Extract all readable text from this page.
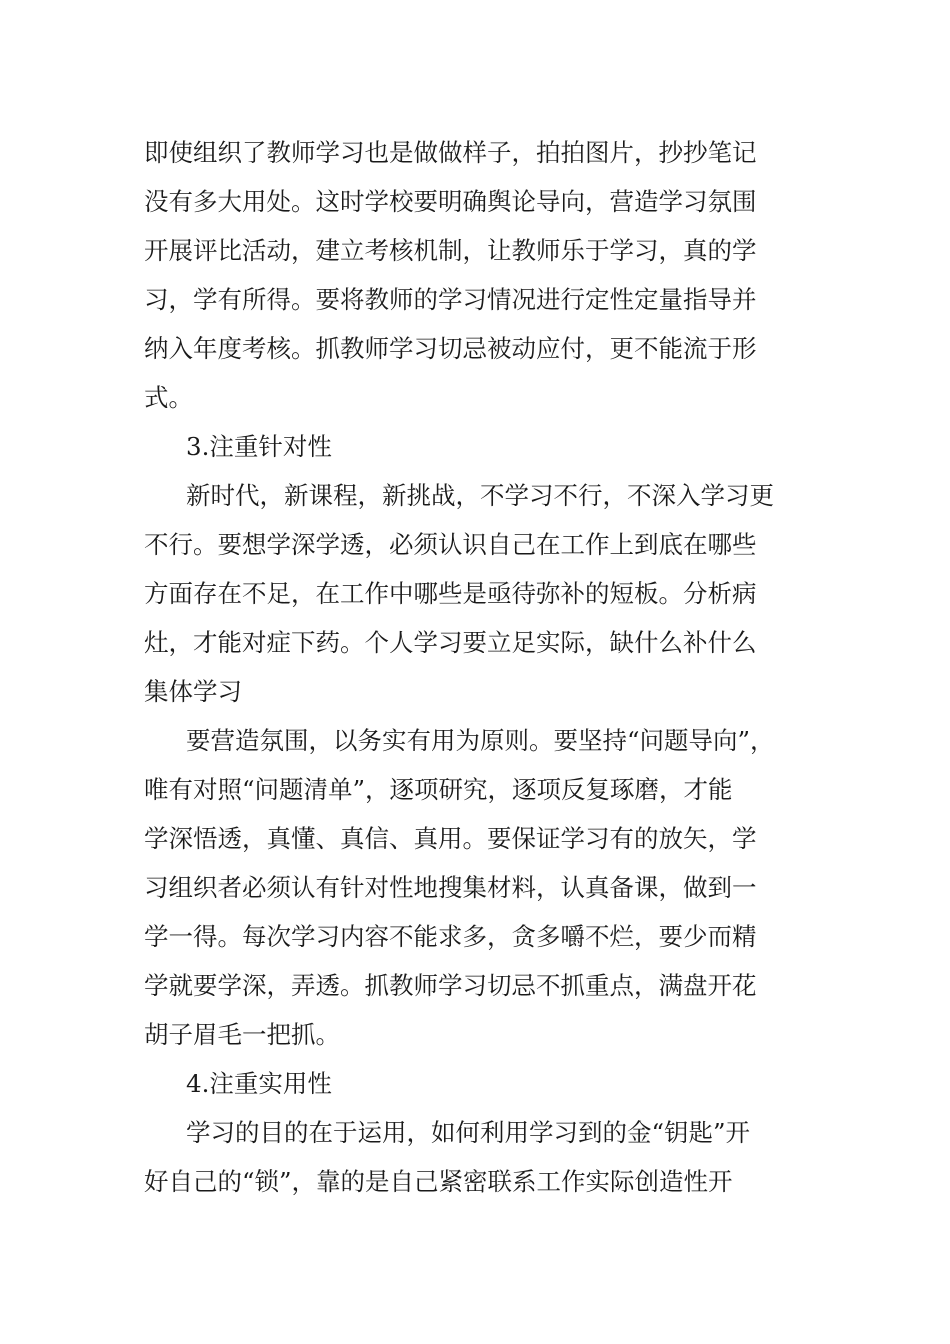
即使组织了教师学习也是做做样子，拍拍图片，抄抄笔记
没有多大用处。这时学校要明确舆论导向，营造学习氛围
开展评比活动，建立考核机制，让教师乐于学习，真的学
习，学有所得。要将教师的学习情况进行定性定量指导并
纳入年度考核。抓教师学习切忌被动应付，更不能流于形
式。
3.注重针对性
新时代，新课程，新挑战，不学习不行，不深入学习更
不行。要想学深学透，必须认识自己在工作上到底在哪些
方面存在不足，在工作中哪些是亟待弥补的短板。分析病
灶，才能对症下药。个人学习要立足实际，缺什么补什么
集体学习
要营造氛围，以务实有用为原则。要坚持“问题导向”，
唯有对照“问题清单”，逐项研究，逐项反复琢磨，才能
学深悟透，真懂、真信、真用。要保证学习有的放矢，学
习组织者必须认有针对性地搜集材料，认真备课，做到一
学一得。每次学习内容不能求多，贪多嚼不烂，要少而精
学就要学深，弄透。抓教师学习切忌不抓重点，满盘开花
胡子眉毛一把抓。
4.注重实用性
学习的目的在于运用，如何利用学习到的金“钥匙”开
好自己的“锁”，靠的是自己紧密联系工作实际创造性开
